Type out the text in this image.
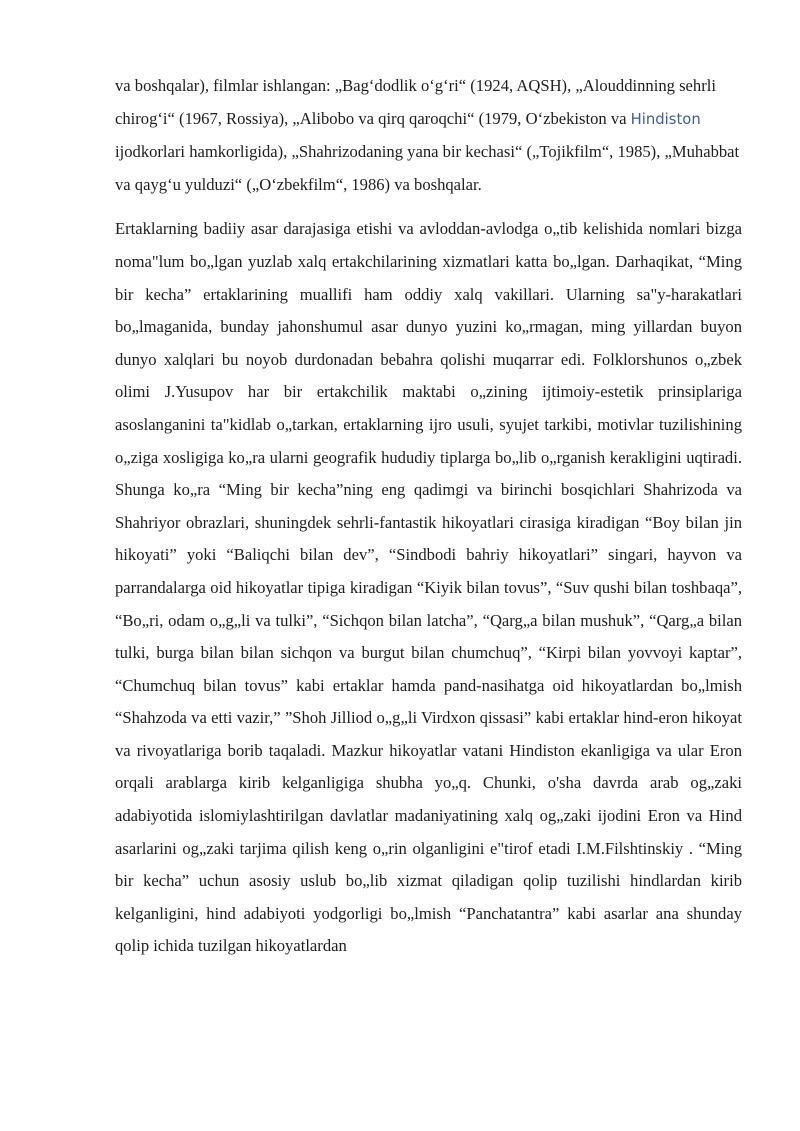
va boshqalar), filmlar ishlangan: „Bag‘dodlik o‘g‘ri“ (1924, AQSH), „Alouddinning sehrli chirog‘i“ (1967, Rossiya), „Alibobo va qirq qaroqchi“ (1979, O‘zbekiston va Hindiston ijodkorlari hamkorligida), „Shahrizodaning yana bir kechasi“ („Tojikfilm“, 1985), „Muhabbat va qayg‘u yulduzi“ („O‘zbekfilm“, 1986) va boshqalar.

Ertaklarning badiiy asar darajasiga etishi va avloddan-avlodga o„tib kelishida nomlari bizga noma"lum bo„lgan yuzlab xalq ertakchilarining xizmatlari katta bo„lgan. Darhaqikat, “Ming bir kecha” ertaklarining muallifi ham oddiy xalq vakillari. Ularning sa"y-harakatlari bo„lmaganida, bunday jahonshumul asar dunyo yuzini ko„rmagan, ming yillardan buyon dunyo xalqlari bu noyob durdonadan bebahra qolishi muqarrar edi. Folklorshunos o„zbek olimi J.Yusupov har bir ertakchilik maktabi o„zining ijtimoiy-estetik prinsiplariga asoslanganini ta"kidlab o„tarkan, ertaklarning ijro usuli, syujet tarkibi, motivlar tuzilishining o„ziga xosligiga ko„ra ularni geografik hududiy tiplarga bo„lib o„rganish kerakligini uqtiradi. Shunga ko„ra “Ming bir kecha”ning eng qadimgi va birinchi bosqichlari Shahrizoda va Shahriyor obrazlari, shuningdek sehrli-fantastik hikoyatlari cirasiga kiradigan “Boy bilan jin hikoyati” yoki “Baliqchi bilan dev”, “Sindbodi bahriy hikoyatlari” singari, hayvon va parrandalarga oid hikoyatlar tipiga kiradigan “Kiyik bilan tovus”, “Suv qushi bilan toshbaqa”, “Bo„ri, odam o„g„li va tulki”, “Sichqon bilan latcha”, “Qarg„a bilan mushuk”, “Qarg„a bilan tulki, burga bilan bilan sichqon va burgut bilan chumchuq”, “Kirpi bilan yovvoyi kaptar”, “Chumchuq bilan tovus” kabi ertaklar hamda pand-nasihatga oid hikoyatlardan bo„lmish “Shahzoda va etti vazir,” ”Shoh Jilliod o„g„li Virdxon qissasi” kabi ertaklar hind-eron hikoyat va rivoyatlariga borib taqaladi. Mazkur hikoyatlar vatani Hindiston ekanligiga va ular Eron orqali arablarga kirib kelganligiga shubha yo„q. Chunki, o'sha davrda arab og„zaki adabiyotida islomiylashtirilgan davlatlar madaniyatining xalq og„zaki ijodini Eron va Hind asarlarini og„zaki tarjima qilish keng o„rin olganligini e"tirof etadi I.M.Filshtinskiy . “Ming bir kecha” uchun asosiy uslub bo„lib xizmat qiladigan qolip tuzilishi hindlardan kirib kelganligini, hind adabiyoti yodgorligi bo„lmish “Panchatantra” kabi asarlar ana shunday qolip ichida tuzilgan hikoyatlardan
